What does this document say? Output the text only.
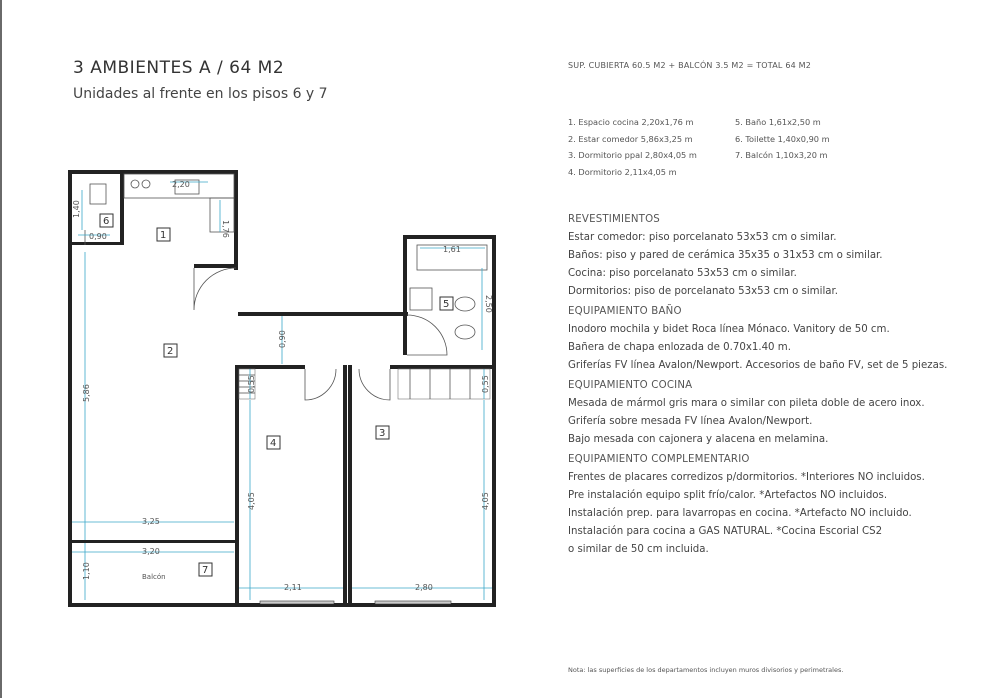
3 AMBIENTES A / 64 M2
Unidades al frente en los pisos 6 y 7
SUP. CUBIERTA 60.5 M2 + BALCÓN 3.5 M2 = TOTAL 64 M2
1. Espacio cocina 2,20x1,76 m
2. Estar comedor 5,86x3,25 m
3. Dormitorio ppal 2,80x4,05 m
4. Dormitorio 2,11x4,05 m
5. Baño 1,61x2,50 m
6. Toilette 1,40x0,90 m
7. Balcón 1,10x3,20 m
REVESTIMIENTOS
Estar comedor: piso porcelanato 53x53 cm o similar.
Baños: piso y pared de cerámica 35x35 o 31x53 cm o similar.
Cocina: piso porcelanato 53x53 cm o similar.
Dormitorios: piso de porcelanato 53x53 cm o similar.
EQUIPAMIENTO BAÑO
Inodoro mochila y bidet Roca línea Mónaco. Vanitory de 50 cm.
Bañera de chapa enlozada de 0.70x1.40 m.
Griferías FV línea Avalon/Newport. Accesorios de baño FV, set de 5 piezas.
EQUIPAMIENTO COCINA
Mesada de mármol gris mara o similar con pileta doble de acero inox.
Grifería sobre mesada FV línea Avalon/Newport.
Bajo mesada con cajonera y alacena en melamina.
EQUIPAMIENTO COMPLEMENTARIO
Frentes de placares corredizos p/dormitorios. *Interiores NO incluidos.
Pre instalación equipo split frío/calor. *Artefactos NO incluidos.
Instalación prep. para lavarropas en cocina. *Artefacto NO incluido.
Instalación para cocina a GAS NATURAL. *Cocina Escorial CS2
o similar de 50 cm incluida.
Nota: las superficies de los departamentos incluyen muros divisorios y perimetrales.
2,20
1,76
1,40
0,90
5,86
3,25
0,90
1,61
2,50
0,55	0,55
4,05	4,05
3,20
1,10
2,11	2,80
1
2
3
4
5
6
7
Balcón
